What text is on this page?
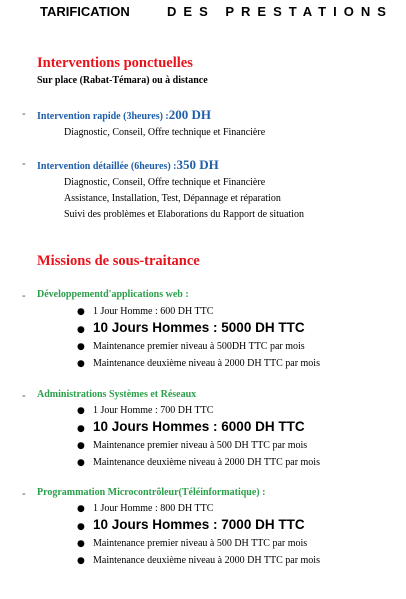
TARIFICATION	DES PRESTATIONS
Interventions ponctuelles
Sur place (Rabat-Témara) ou à distance
- Intervention rapide (3heures) :200 DH
Diagnostic, Conseil, Offre technique et Financière
- Intervention détaillée (6heures) :350 DH
Diagnostic, Conseil, Offre technique et Financière
Assistance, Installation, Test, Dépannage et réparation
Suivi des problèmes et Elaborations du Rapport de situation
Missions de sous-traitance
- Développementd'applications web :
● 1 Jour Homme : 600 DH TTC
● 10 Jours Hommes : 5000 DH TTC
● Maintenance premier niveau à 500DH TTC par mois
● Maintenance deuxième niveau à 2000 DH TTC par mois
- Administrations Systèmes et Réseaux
● 1 Jour Homme : 700 DH TTC
● 10 Jours Hommes : 6000 DH TTC
● Maintenance premier niveau à 500 DH TTC par mois
● Maintenance deuxième niveau à 2000 DH TTC par mois
- Programmation Microcontrôleur(Téléinformatique) :
● 1 Jour Homme : 800 DH TTC
● 10 Jours Hommes : 7000 DH TTC
● Maintenance premier niveau à 500 DH TTC par mois
● Maintenance deuxième niveau à 2000 DH TTC par mois
